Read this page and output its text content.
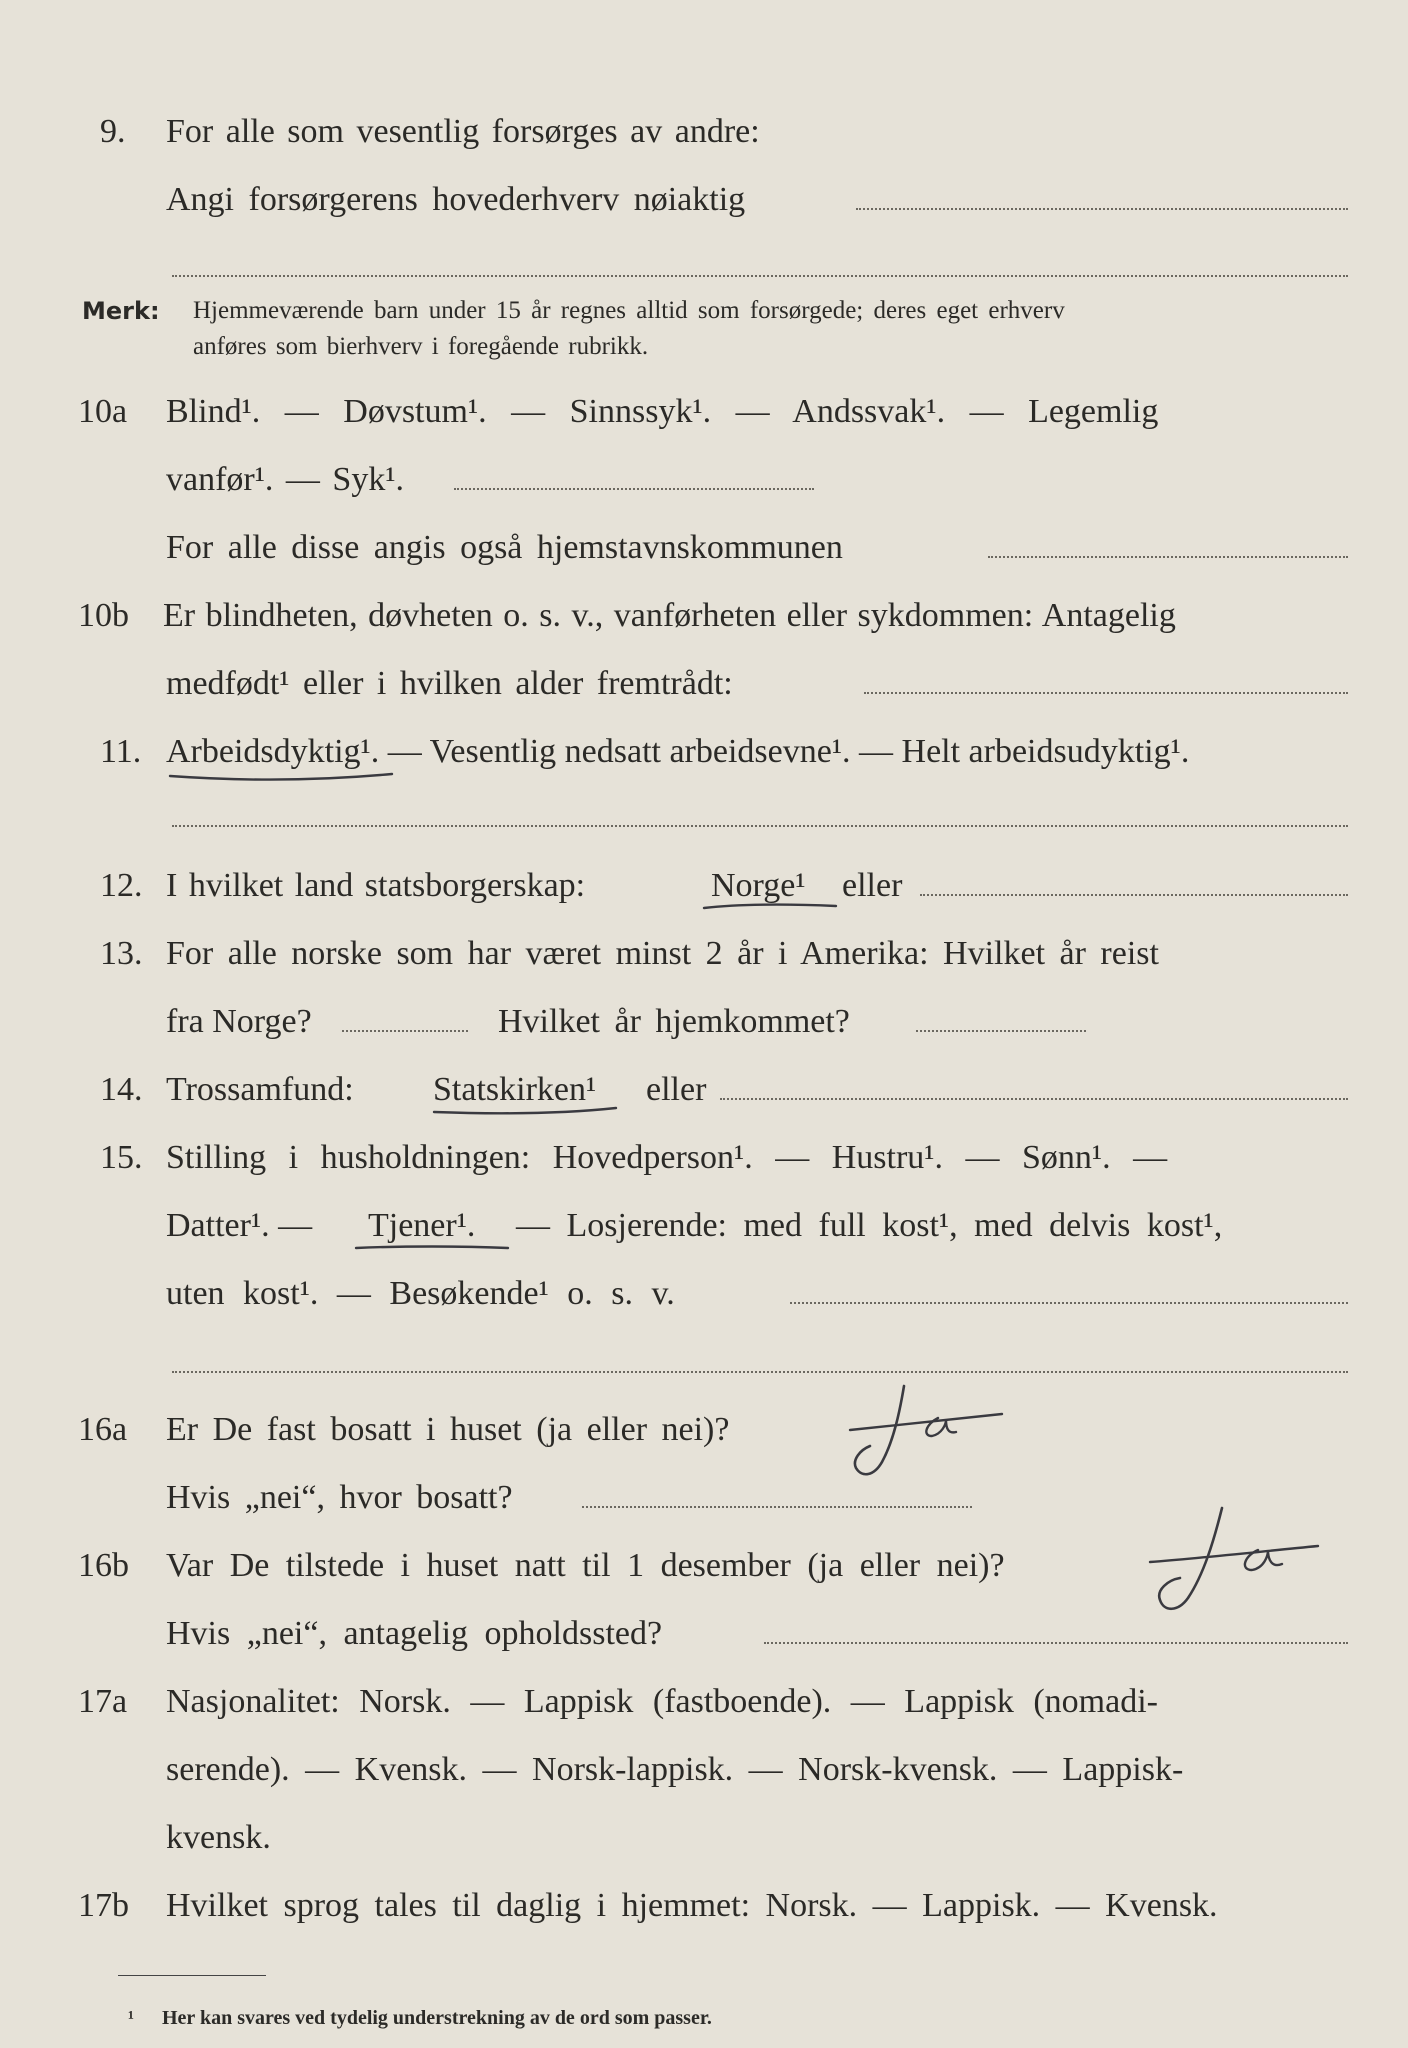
9. For alle som vesentlig forsørges av andre:
Angi forsørgerens hovederhverv nøiaktig
Merk: Hjemmeværende barn under 15 år regnes alltid som forsørgede; deres eget erhverv
anføres som bierhverv i foregående rubrikk.
10a Blind¹. — Døvstum¹. — Sinnssyk¹. — Andssvak¹. — Legemlig
vanfør¹. — Syk¹.
For alle disse angis også hjemstavnskommunen
10b Er blindheten, døvheten o. s. v., vanførheten eller sykdommen: Antagelig
medfødt¹ eller i hvilken alder fremtrådt:
11. Arbeidsdyktig¹. — Vesentlig nedsatt arbeidsevne¹. — Helt arbeidsudyktig¹.
12. I hvilket land statsborgerskap:	Norge¹ eller
13. For alle norske som har været minst 2 år i Amerika: Hvilket år reist
fra Norge?	Hvilket år hjemkommet?
14. Trossamfund: Statskirken¹ eller
15. Stilling i husholdningen: Hovedperson¹. — Hustru¹. — Sønn¹. —
Datter¹. — Tjener¹. — Losjerende: med full kost¹, med delvis kost¹,
uten kost¹. — Besøkende¹ o. s. v.
16a Er De fast bosatt i huset (ja eller nei)?
Ja
Hvis „nei“, hvor bosatt?
16b Var De tilstede i huset natt til 1 desember (ja eller nei)?
Ja
Hvis „nei“, antagelig opholdssted?
17a Nasjonalitet: Norsk. — Lappisk (fastboende). — Lappisk (nomadi-
serende). — Kvensk. — Norsk-lappisk. — Norsk-kvensk. — Lappisk-
kvensk.
17b Hvilket sprog tales til daglig i hjemmet: Norsk. — Lappisk. — Kvensk.
¹ Her kan svares ved tydelig understrekning av de ord som passer.
